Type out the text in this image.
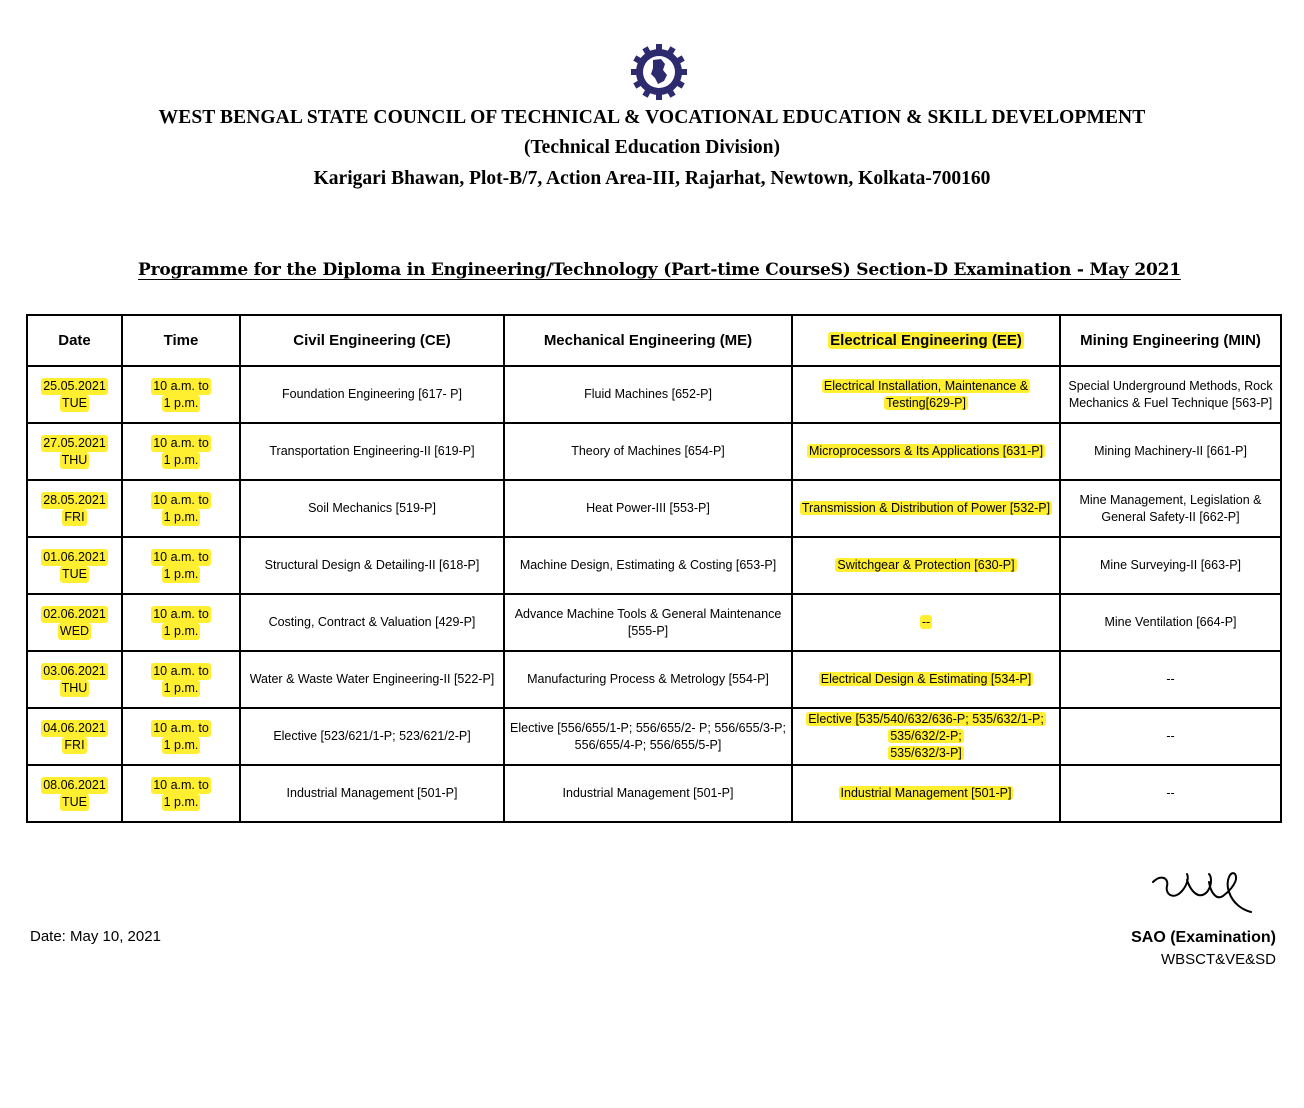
WEST BENGAL STATE COUNCIL OF TECHNICAL & VOCATIONAL EDUCATION & SKILL DEVELOPMENT
(Technical Education Division)
Karigari Bhawan, Plot-B/7, Action Area-III, Rajarhat, Newtown, Kolkata-700160
Programme for the Diploma in Engineering/Technology (Part-time CourseS) Section-D Examination - May 2021
Date	Time	Civil Engineering (CE)	Mechanical Engineering (ME)	Electrical Engineering (EE)	Mining Engineering (MIN)
25.05.2021
TUE	10 a.m. to
1 p.m.	Foundation Engineering [617- P]	Fluid Machines [652-P]	Electrical Installation, Maintenance &
Testing[629-P]	Special Underground Methods, Rock
Mechanics & Fuel Technique [563-P]
27.05.2021
THU	10 a.m. to
1 p.m.	Transportation Engineering-II [619-P]	Theory of Machines [654-P]	Microprocessors & Its Applications [631-P]	Mining Machinery-II [661-P]
28.05.2021
FRI	10 a.m. to
1 p.m.	Soil Mechanics [519-P]	Heat Power-III [553-P]	Transmission & Distribution of Power [532-P]	Mine Management, Legislation &
General Safety-II [662-P]
01.06.2021
TUE	10 a.m. to
1 p.m.	Structural Design & Detailing-II [618-P]	Machine Design, Estimating & Costing [653-P]	Switchgear & Protection [630-P]	Mine Surveying-II [663-P]
02.06.2021
WED	10 a.m. to
1 p.m.	Costing, Contract & Valuation [429-P]	Advance Machine Tools & General Maintenance [555-P]	--	Mine Ventilation [664-P]
03.06.2021
THU	10 a.m. to
1 p.m.	Water & Waste Water Engineering-II [522-P]	Manufacturing Process & Metrology [554-P]	Electrical Design & Estimating [534-P]	--
04.06.2021
FRI	10 a.m. to
1 p.m.	Elective [523/621/1-P; 523/621/2-P]	Elective [556/655/1-P; 556/655/2- P; 556/655/3-P; 556/655/4-P; 556/655/5-P]	Elective [535/540/632/636-P; 535/632/1-P;
535/632/2-P;
535/632/3-P]	--
08.06.2021
TUE	10 a.m. to
1 p.m.	Industrial Management [501-P]	Industrial Management [501-P]	Industrial Management [501-P]	--
Date: May 10, 2021	SAO (Examination)
WBSCT&VE&SD
